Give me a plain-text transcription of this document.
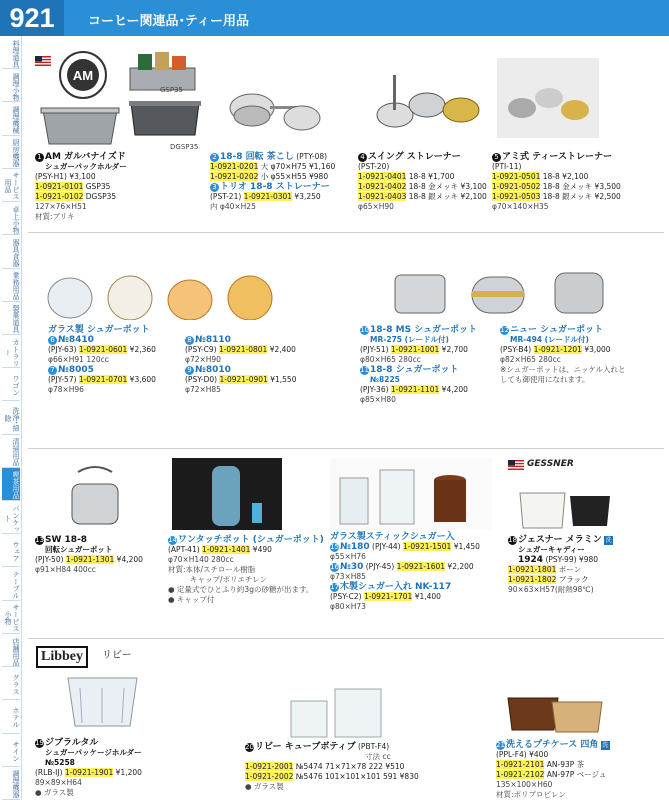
921	コーヒー関連品･ティー用品
料理道具
調理小物
調理機械
厨房機器
サービス用品
卓上小物
器具食器
業務用品
製菓道具
カトラリー
ワゴン
洗浄･掃除
清掃用品
喫茶用品
バンケット
ウェア
テーブル
サービス小物
店舗用品
グラス
ホテル
サイン
調理機器
AM
GSP35
DGSP35
1 AM ガルバナイズド
シュガーパックホルダー
(PSY-H1) ¥3,100
1-0921-0101 GSP35
1-0921-0102 DGSP35
127×76×H51
材質:ブリキ
2 18-8 回転 茶こし (PTY-08)
1-0921-0201 大 φ70×H75 ¥1,160
1-0921-0202 小 φ55×H55 ¥980
3 トリオ 18-8 ストレーナー
(PST-21) 1-0921-0301 ¥3,250
内 φ40×H25
4 スイング ストレーナー
(PST-20)
1-0921-0401 18-8 ¥1,700
1-0921-0402 18-8 金メッキ ¥3,100
1-0921-0403 18-8 銀メッキ ¥2,100
φ65×H90
5 アミ式 ティーストレーナー
(PTI-11)
1-0921-0501 18-8 ¥2,100
1-0921-0502 18-8 金メッキ ¥3,500
1-0921-0503 18-8 銀メッキ ¥2,500
φ70×140×H35
ガラス製 シュガーポット
6 №8410
(PJY-63) 1-0921-0601 ¥2,360
φ66×H91 120cc
7 №8005
(PJY-57) 1-0921-0701 ¥3,600
φ78×H96
8 №8110
(PSY-C9) 1-0921-0801 ¥2,400
φ72×H90
9 №8010
(PSY-D0) 1-0921-0901 ¥1,550
φ72×H85
1018-8 MS シュガーポット
MR-275 (レードル付)
(PJY-51) 1-0921-1001 ¥2,700
φ80×H65 280cc
1118-8 シュガーポット
№8225
(PJY-36) 1-0921-1101 ¥4,200
φ85×H80
12ニュー シュガーポット
MR-494 (レードル付)
(PSY-B4) 1-0921-1201 ¥3,000
φ82×H65 280cc
※シュガーポットは、ニッケル入れと
しても御使用になれます。
13SW 18-8
回転シュガーポット
(PJY-50) 1-0921-1301 ¥4,200
φ91×H84 400cc
14ワンタッチポット (シュガーポット)
(APT-41) 1-0921-1401 ¥490
φ70×H140 280cc
材質:本体/スチロール樹脂
キャップ/ポリエチレン
● 定量式でひとふり約3gの砂糖が出ます。
● キャップ付
ガラス製スティックシュガー入
15№180 (PJY-44) 1-0921-1501 ¥1,450
φ55×H76
16№30 (PJY-45) 1-0921-1601 ¥2,200
φ73×H85
17木製シュガー入れ NK-117
(PSY-C2) 1-0921-1701 ¥1,400
φ80×H73
GESSNER
18ジェスナー メラミン 洗
シュガーキャディー
1924 (PSY-99) ¥980
1-0921-1801 ボーン
1-0921-1802 ブラック
90×63×H57(耐熱98℃)
Libbey	リビー
19ジブラルタル
シュガーパッケージホルダー
№5258
(RLB-IJ) 1-0921-1901 ¥1,200
89×89×H64
● ガラス製
20リビー キューブボティブ (PBT-F4)
寸法 cc
1-0921-2001 №5474 71×71×78 222 ¥510
1-0921-2002 №5476 101×101×101 591 ¥830
● ガラス製
21洗えるプチケース 四角 洗
(PPL-F4) ¥400
1-0921-2101 AN-93P 茶
1-0921-2102 AN-97P ベージュ
135×100×H60
材質:ポリプロピレン
